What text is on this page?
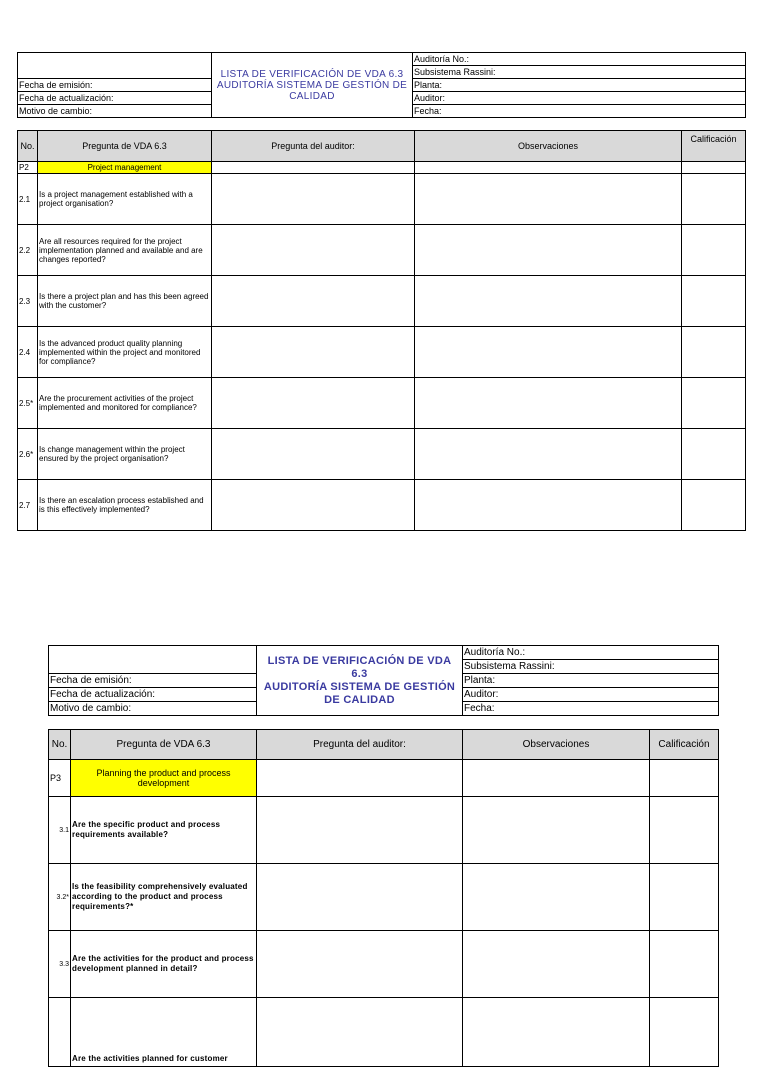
	LISTA DE VERIFICACIÓN DE VDA 6.3
AUDITORÍA SISTEMA DE GESTIÓN DE
CALIDAD	Auditoría No.:
		Subsistema Rassini:
Fecha de emisión:		Planta:
Fecha de actualización:		Auditor:
Motivo de cambio:		Fecha:
No.	Pregunta de VDA 6.3	Pregunta del auditor:	Observaciones	Calificación
P2	Project management			
2.1	Is a project management established with a project organisation?			
2.2	Are all resources required for the project implementation planned and available and are changes reported?			
2.3	Is there a project plan and has this been agreed with the customer?			
2.4	Is the advanced product quality planning implemented within the project and monitored for compliance?			
2.5*	Are the procurement activities of the project implemented and monitored for compliance?			
2.6*	Is change management within the project ensured by the project organisation?			
2.7	Is there an escalation process established and is this effectively implemented?			

	LISTA DE VERIFICACIÓN DE VDA
6.3
AUDITORÍA SISTEMA DE GESTIÓN
DE CALIDAD	Auditoría No.:
		Subsistema Rassini:
Fecha de emisión:		Planta:
Fecha de actualización:		Auditor:
Motivo de cambio:		Fecha:
No.	Pregunta de VDA 6.3	Pregunta del auditor:	Observaciones	Calificación
P3	Planning the product and process development			
3.1	Are the specific product and process requirements available?			
3.2*	Is the feasibility comprehensively evaluated according to the product and process requirements?*			
3.3	Are the activities for the product and process development planned in detail?			
	Are the activities planned for customer			
